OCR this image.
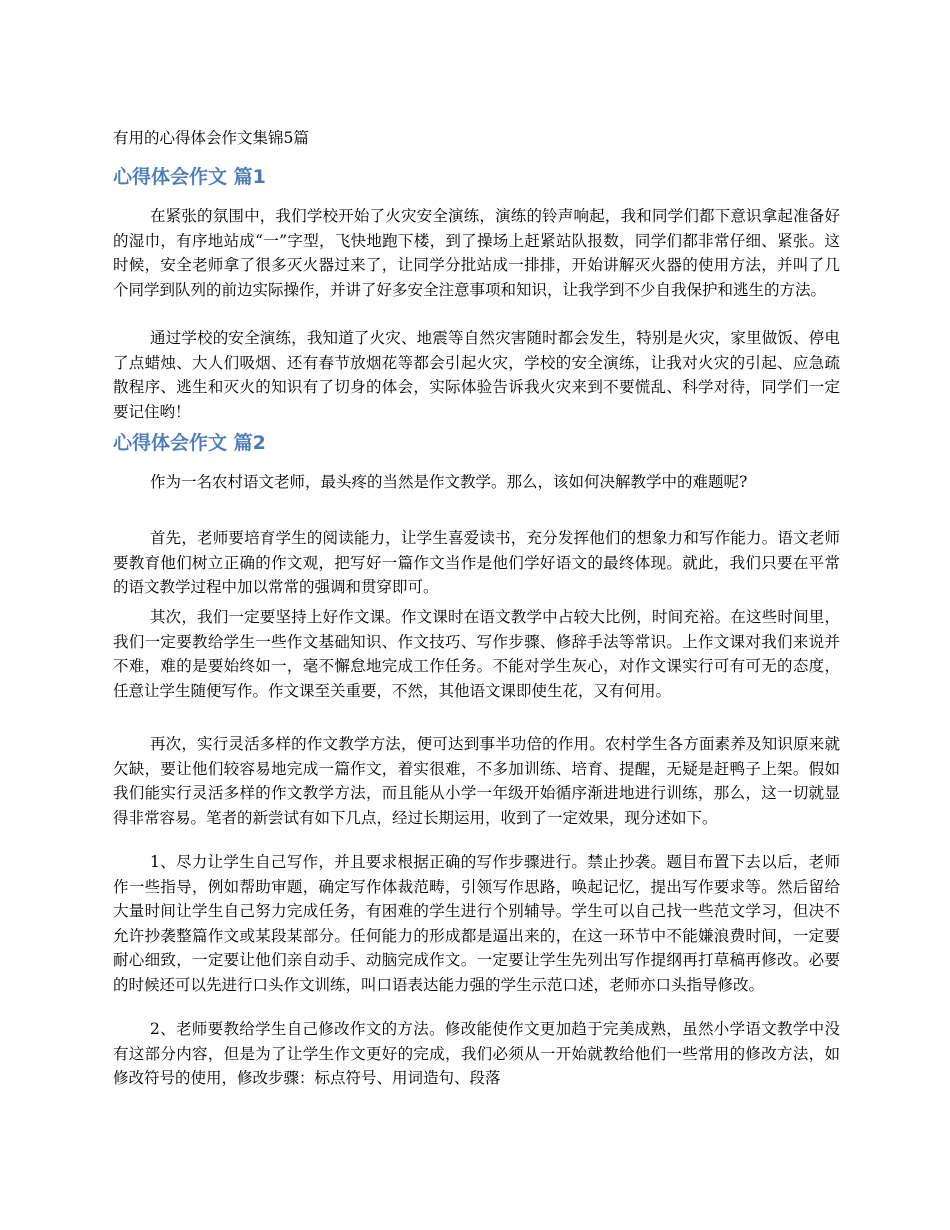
有用的心得体会作文集锦5篇
心得体会作文 篇1

在紧张的氛围中，我们学校开始了火灾安全演练，演练的铃声响起，我和同学们都下意识拿起准备好的湿巾，有序地站成“一”字型，飞快地跑下楼，到了操场上赶紧站队报数，同学们都非常仔细、紧张。这时候，安全老师拿了很多灭火器过来了，让同学分批站成一排排，开始讲解灭火器的使用方法，并叫了几个同学到队列的前边实际操作，并讲了好多安全注意事项和知识，让我学到不少自我保护和逃生的方法。

通过学校的安全演练，我知道了火灾、地震等自然灾害随时都会发生，特别是火灾，家里做饭、停电了点蜡烛、大人们吸烟、还有春节放烟花等都会引起火灾，学校的安全演练，让我对火灾的引起、应急疏散程序、逃生和灭火的知识有了切身的体会，实际体验告诉我火灾来到不要慌乱、科学对待，同学们一定要记住哟！

心得体会作文 篇2

作为一名农村语文老师，最头疼的当然是作文教学。那么，该如何决解教学中的难题呢?

首先，老师要培育学生的阅读能力，让学生喜爱读书，充分发挥他们的想象力和写作能力。语文老师要教育他们树立正确的作文观，把写好一篇作文当作是他们学好语文的最终体现。就此，我们只要在平常的语文教学过程中加以常常的强调和贯穿即可。

其次，我们一定要坚持上好作文课。作文课时在语文教学中占较大比例，时间充裕。在这些时间里，我们一定要教给学生一些作文基础知识、作文技巧、写作步骤、修辞手法等常识。上作文课对我们来说并不难，难的是要始终如一，毫不懈怠地完成工作任务。不能对学生灰心，对作文课实行可有可无的态度，任意让学生随便写作。作文课至关重要，不然，其他语文课即使生花，又有何用。

再次，实行灵活多样的作文教学方法，便可达到事半功倍的作用。农村学生各方面素养及知识原来就欠缺，要让他们较容易地完成一篇作文，着实很难，不多加训练、培育、提醒，无疑是赶鸭子上架。假如我们能实行灵活多样的作文教学方法，而且能从小学一年级开始循序渐进地进行训练，那么，这一切就显得非常容易。笔者的新尝试有如下几点，经过长期运用，收到了一定效果，现分述如下。

1、尽力让学生自己写作，并且要求根据正确的写作步骤进行。禁止抄袭。题目布置下去以后，老师作一些指导，例如帮助审题，确定写作体裁范畴，引领写作思路，唤起记忆，提出写作要求等。然后留给大量时间让学生自己努力完成任务，有困难的学生进行个别辅导。学生可以自己找一些范文学习，但决不允许抄袭整篇作文或某段某部分。任何能力的形成都是逼出来的，在这一环节中不能嫌浪费时间，一定要耐心细致，一定要让他们亲自动手、动脑完成作文。一定要让学生先列出写作提纲再打草稿再修改。必要的时候还可以先进行口头作文训练，叫口语表达能力强的学生示范口述，老师亦口头指导修改。

2、老师要教给学生自己修改作文的方法。修改能使作文更加趋于完美成熟，虽然小学语文教学中没有这部分内容，但是为了让学生作文更好的完成，我们必须从一开始就教给他们一些常用的修改方法，如修改符号的使用，修改步骤：标点符号、用词造句、段落
